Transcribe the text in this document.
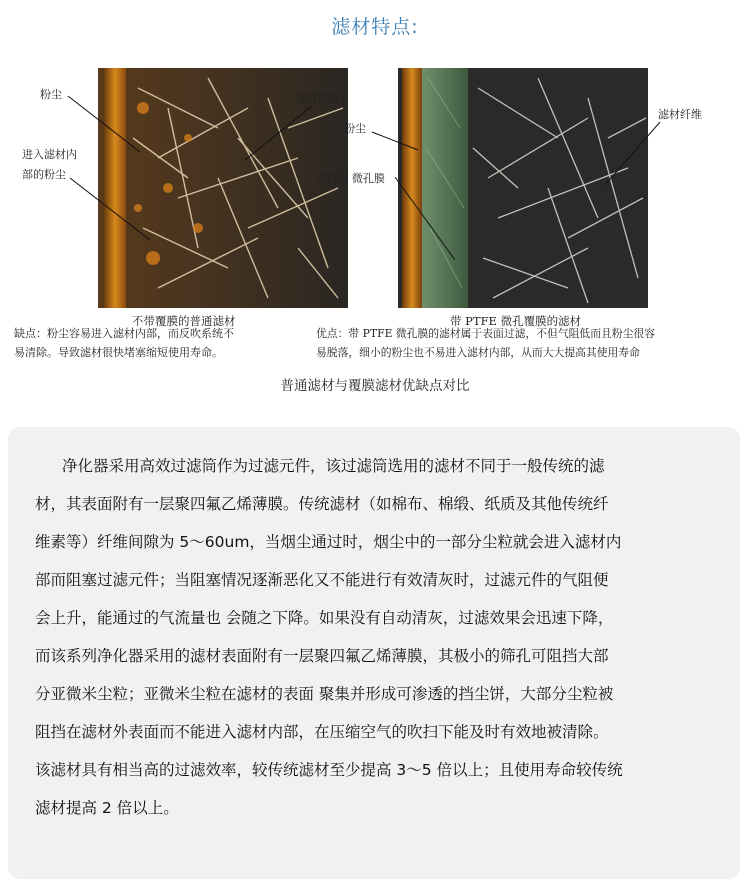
滤材特点:
粉尘
进入滤材内
部的粉尘
滤材纤维
粉尘
PTFE 微孔膜
滤材纤维
不带覆膜的普通滤材	带 PTFE 微孔覆膜的滤材
缺点：粉尘容易进入滤材内部，而反吹系统不
易清除。导致滤材很快堵塞缩短使用寿命。
优点：带 PTFE 微孔膜的滤材属于表面过滤，不但气阻低而且粉尘很容
易脱落，细小的粉尘也不易进入滤材内部，从而大大提高其使用寿命
普通滤材与覆膜滤材优缺点对比
净化器采用高效过滤筒作为过滤元件，该过滤筒选用的滤材不同于一般传统的滤
材，其表面附有一层聚四氟乙烯薄膜。传统滤材（如棉布、棉缎、纸质及其他传统纤
维素等）纤维间隙为 5～60um，当烟尘通过时，烟尘中的一部分尘粒就会进入滤材内
部而阻塞过滤元件；当阻塞情况逐渐恶化又不能进行有效清灰时，过滤元件的气阻便
会上升，能通过的气流量也 会随之下降。如果没有自动清灰，过滤效果会迅速下降，
而该系列净化器采用的滤材表面附有一层聚四氟乙烯薄膜，其极小的筛孔可阻挡大部
分亚微米尘粒；亚微米尘粒在滤材的表面 聚集并形成可渗透的挡尘饼，大部分尘粒被
阻挡在滤材外表面而不能进入滤材内部，在压缩空气的吹扫下能及时有效地被清除。
该滤材具有相当高的过滤效率，较传统滤材至少提高 3～5 倍以上；且使用寿命较传统
滤材提高 2 倍以上。
